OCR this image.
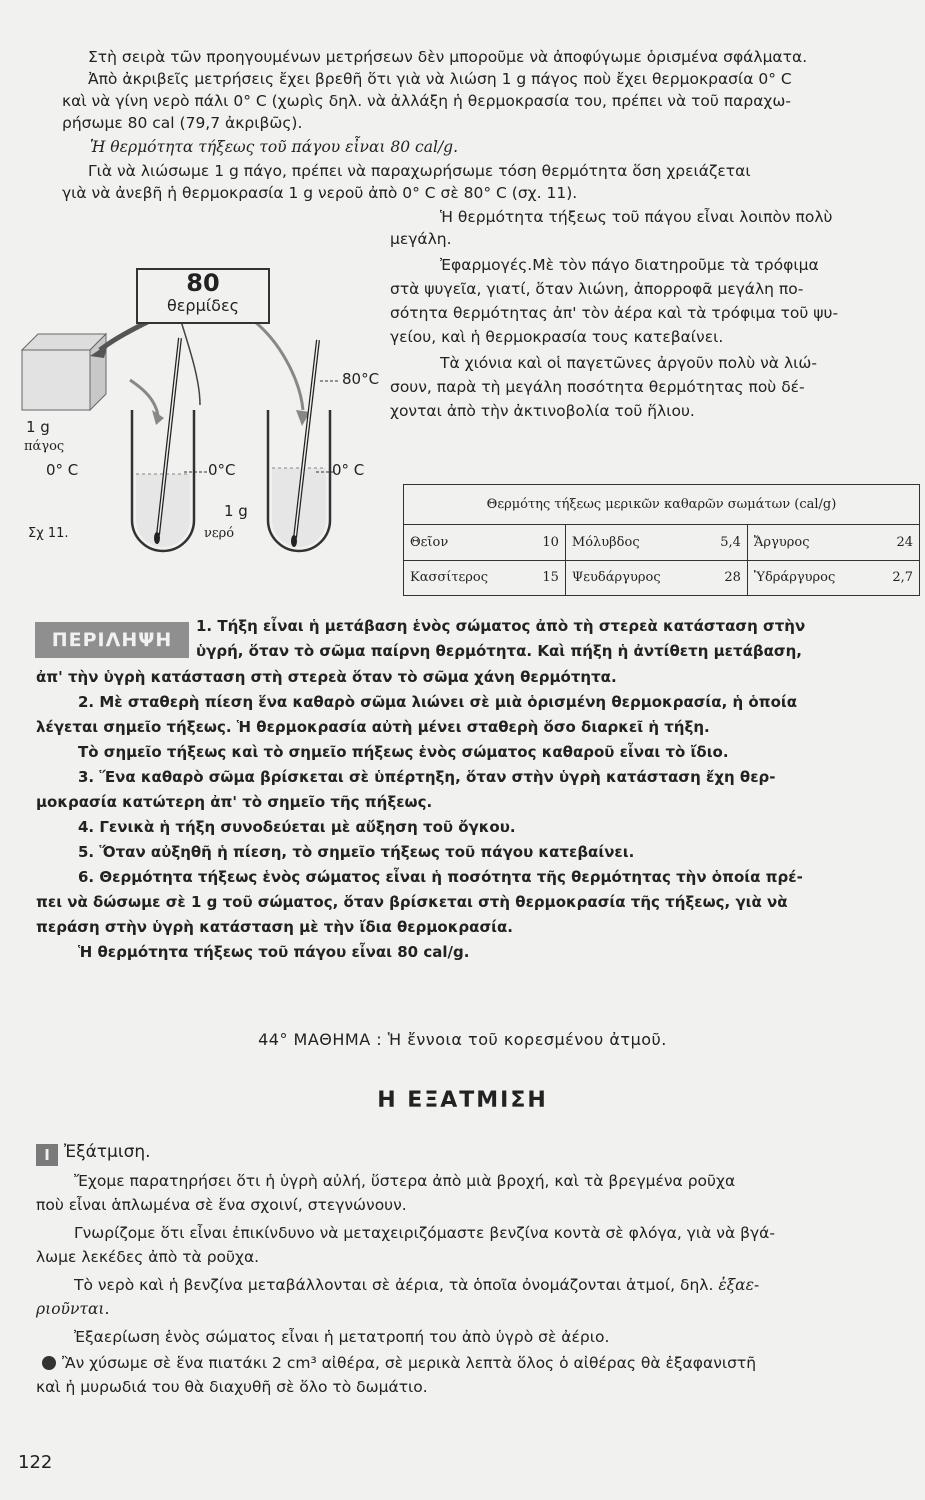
Στὴ σειρὰ τῶν προηγουμένων μετρήσεων δὲν μποροῦμε νὰ ἀποφύγωμε ὁρισμένα σφάλματα.
Ἀπὸ ἀκριβεῖς μετρήσεις ἔχει βρεθῆ ὅτι γιὰ νὰ λιώση 1 g πάγος ποὺ ἔχει θερμοκρασία 0° C
καὶ νὰ γίνη νερὸ πάλι 0° C (χωρὶς δηλ. νὰ ἀλλάξη ἡ θερμοκρασία του, πρέπει νὰ τοῦ παραχω-
ρήσωμε 80 cal (79,7 ἀκριβῶς).
Ἡ θερμότητα τήξεως τοῦ πάγου εἶναι 80 cal/g.
Γιὰ νὰ λιώσωμε 1 g πάγο, πρέπει νὰ παραχωρήσωμε τόση θερμότητα ὅση χρειάζεται
γιὰ νὰ ἀνεβῆ ἡ θερμοκρασία 1 g νεροῦ ἀπὸ 0° C σὲ 80° C (σχ. 11).
Ἡ θερμότητα τήξεως τοῦ πάγου εἶναι λοιπὸν πολὺ
μεγάλη.
Ἐφαρμογές.Μὲ τὸν πάγο διατηροῦμε τὰ τρόφιμα
στὰ ψυγεῖα, γιατί, ὅταν λιώνη, ἀπορροφᾶ μεγάλη πο-
σότητα θερμότητας ἀπ' τὸν ἀέρα καὶ τὰ τρόφιμα τοῦ ψυ-
γείου, καὶ ἡ θερμοκρασία τους κατεβαίνει.
Τὰ χιόνια καὶ οἱ παγετῶνες ἀργοῦν πολὺ νὰ λιώ-
σουν, παρὰ τὴ μεγάλη ποσότητα θερμότητας ποὺ δέ-
χονται ἀπὸ τὴν ἀκτινοβολία τοῦ ἥλιου.
80
θερμίδες
1 g
πάγος
0° C	0°C	0° C
80°C
1 g
νερό
Σχ 11.
Θερμότης τήξεως μερικῶν καθαρῶν σωμάτων (cal/g)					
Θεῖον	10	Μόλυβδος	5,4	Ἄργυρος	24
Κασσίτερος	15	Ψευδάργυρος	28	Ὑδράργυρος	2,7
ΠΕΡΙΛΗΨΗ
1. Τήξη εἶναι ἡ μετάβαση ἑνὸς σώματος ἀπὸ τὴ στερεὰ κατάσταση στὴν
ὑγρή, ὅταν τὸ σῶμα παίρνη θερμότητα. Καὶ πήξη ἡ ἀντίθετη μετάβαση,
ἀπ' τὴν ὑγρὴ κατάσταση στὴ στερεὰ ὅταν τὸ σῶμα χάνη θερμότητα.
2. Μὲ σταθερὴ πίεση ἕνα καθαρὸ σῶμα λιώνει σὲ μιὰ ὁρισμένη θερμοκρασία, ἡ ὁποία
λέγεται σημεῖο τήξεως. Ἡ θερμοκρασία αὐτὴ μένει σταθερὴ ὅσο διαρκεῖ ἡ τήξη.
Τὸ σημεῖο τήξεως καὶ τὸ σημεῖο πήξεως ἑνὸς σώματος καθαροῦ εἶναι τὸ ἴδιο.
3. Ἕνα καθαρὸ σῶμα βρίσκεται σὲ ὑπέρτηξη, ὅταν στὴν ὑγρὴ κατάσταση ἔχη θερ-
μοκρασία κατώτερη ἀπ' τὸ σημεῖο τῆς πήξεως.
4. Γενικὰ ἡ τήξη συνοδεύεται μὲ αὔξηση τοῦ ὄγκου.
5. Ὅταν αὐξηθῆ ἡ πίεση, τὸ σημεῖο τήξεως τοῦ πάγου κατεβαίνει.
6. Θερμότητα τήξεως ἑνὸς σώματος εἶναι ἡ ποσότητα τῆς θερμότητας τὴν ὁποία πρέ-
πει νὰ δώσωμε σὲ 1 g τοῦ σώματος, ὅταν βρίσκεται στὴ θερμοκρασία τῆς τήξεως, γιὰ νὰ
περάση στὴν ὑγρὴ κατάσταση μὲ τὴν ἴδια θερμοκρασία.
Ἡ θερμότητα τήξεως τοῦ πάγου εἶναι 80 cal/g.
44° ΜΑΘΗΜΑ : Ἡ ἔννοια τοῦ κορεσμένου ἀτμοῦ.
Η ΕΞΑΤΜΙΣΗ
I Ἐξάτμιση.
Ἔχομε παρατηρήσει ὅτι ἡ ὑγρὴ αὐλή, ὕστερα ἀπὸ μιὰ βροχή, καὶ τὰ βρεγμένα ροῦχα
ποὺ εἶναι ἁπλωμένα σὲ ἕνα σχοινί, στεγνώνουν.
Γνωρίζομε ὅτι εἶναι ἐπικίνδυνο νὰ μεταχειριζόμαστε βενζίνα κοντὰ σὲ φλόγα, γιὰ νὰ βγά-
λωμε λεκέδες ἀπὸ τὰ ροῦχα.
Τὸ νερὸ καὶ ἡ βενζίνα μεταβάλλονται σὲ ἀέρια, τὰ ὁποῖα ὀνομάζονται ἀτμοί, δηλ. ἐξαε-
ριοῦνται.
Ἐξαερίωση ἑνὸς σώματος εἶναι ἡ μετατροπή του ἀπὸ ὑγρὸ σὲ ἀέριο.
Ἂν χύσωμε σὲ ἕνα πιατάκι 2 cm³ αἰθέρα, σὲ μερικὰ λεπτὰ ὅλος ὁ αἰθέρας θὰ ἐξαφανιστῆ
καὶ ἡ μυρωδιά του θὰ διαχυθῆ σὲ ὅλο τὸ δωμάτιο.
122
